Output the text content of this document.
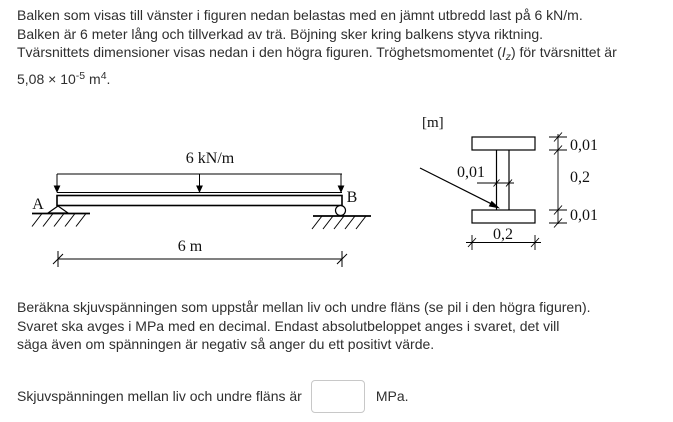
Balken som visas till vänster i figuren nedan belastas med en jämnt utbredd last på 6 kN/m.
Balken är 6 meter lång och tillverkad av trä. Böjning sker kring balkens styva riktning.
Tvärsnittets dimensioner visas nedan i den högra figuren. Tröghetsmomentet $(I_z)$ för tvärsnittet är
$5,08 \times 10^{-5}$ $m^4$.
6 kN/m
A	B
6 m
[m]
0,01
0,01
0,2
0,01
0,2
Beräkna skjuvspänningen som uppstår mellan liv och undre fläns (se pil i den högra figuren).
Svaret ska avges i MPa med en decimal. Endast absolutbeloppet anges i svaret, det vill
säga även om spänningen är negativ så anger du ett positivt värde.
Skjuvspänningen mellan liv och undre fläns är	MPa.
